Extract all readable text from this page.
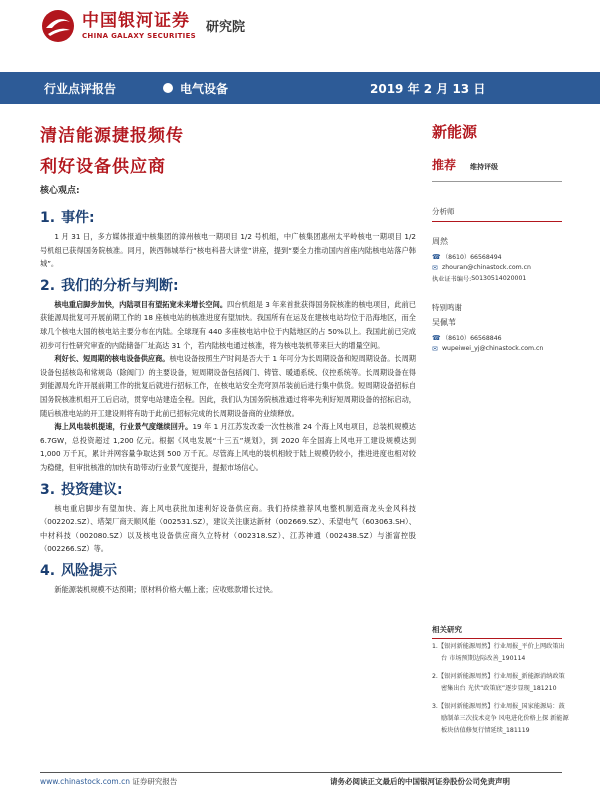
中国银河证券
CHINA GALAXY SECURITIES
研究院
行业点评报告	电气设备	2019 年 2 月 13 日
清洁能源捷报频传
利好设备供应商
核心观点:
1. 事件:
1 月 31 日，多方媒体报道中核集团的漳州核电一期项目 1/2 号机组，中广核集团惠州太平岭核电一期项目 1/2 号机组已获得国务院核准。同月，陕西韩城举行“核电科普大讲堂”讲座，提到“要全力推动国内首座内陆核电站落户韩城”。
2. 我们的分析与判断:
核电重启脚步加快，内陆项目有望拓宽未来增长空间。四台机组是 3 年来首批获得国务院核准的核电项目，此前已获能源局批复可开展前期工作的 18 座核电站的核准进度有望加快。我国所有在运及在建核电站均位于沿海地区，而全球几个核电大国的核电站主要分布在内陆。全球现有 440 多座核电站中位于内陆地区的占 50%以上。我国此前已完成初步可行性研究审查的内陆储备厂址高达 31 个，若内陆核电通过核准，将为核电装机带来巨大的增量空间。
利好长、短周期的核电设备供应商。核电设备按照生产时间是否大于 1 年可分为长周期设备和短周期设备。长周期设备包括核岛和常规岛（除阀门）的主要设备，短周期设备包括阀门、铸管、暖通系统、仪控系统等。长周期设备在得到能源局允许开展前期工作的批复后就进行招标工作，在核电站安全壳穹顶吊装前后进行集中供货。短周期设备招标自国务院核准机组开工后启动，贯穿电站建造全程。因此，我们认为国务院核准通过将率先利好短周期设备的招标启动，随后核准电站的开工建设则将有助于此前已招标完成的长周期设备商的业绩释放。
海上风电装机提速，行业景气度继续回升。19 年 1 月江苏发改委一次性核准 24 个海上风电项目，总装机规模达 6.7GW，总投资超过 1,200 亿元。根据《风电发展“十三五”规划》，到 2020 年全国海上风电开工建设规模达到 1,000 万千瓦，累计并网容量争取达到 500 万千瓦。尽管海上风电的装机相较于陆上规模仍较小，推进进度也相对较为稳健，但审批核准的加快有助带动行业景气度提升，提振市场信心。
3. 投资建议:
核电重启脚步有望加快、海上风电获批加速利好设备供应商。我们持续推荐风电整机制造商龙头金风科技（002202.SZ）、塔架厂商天顺风能（002531.SZ），建议关注康达新材（002669.SZ）、禾望电气（603063.SH）、中材科技（002080.SZ）以及核电设备供应商久立特材（002318.SZ）、江苏神通（002438.SZ）与浙富控股（002266.SZ）等。
4. 风险提示
新能源装机规模不达预期；原材料价格大幅上涨；应收账款增长过快。
新能源
推荐 维持评级
分析师
周然
☎ （8610）66568494
✉ zhouran@chinastock.com.cn
执业证书编号: S0130514020001
特别鸣谢
吴佩苇
☎ （8610）66568846
✉ wupeiwei_yj@chinastock.com.cn
相关研究
1.【银河新能源周然】行业周报_平价上网政策出台 市场预期边际改善_190114
2.【银河新能源周然】行业周报_新能源消纳政策密集出台 光伏“政策底”逐步显现_181210
3.【银河新能源周然】行业周报_国家能源局：鼓励制革三次技术竞争 风电进化价格上探 新能源板块估值修复行情延续_181119
www.chinastock.com.cn 证券研究报告	请务必阅读正文最后的中国银河证券股份公司免责声明
